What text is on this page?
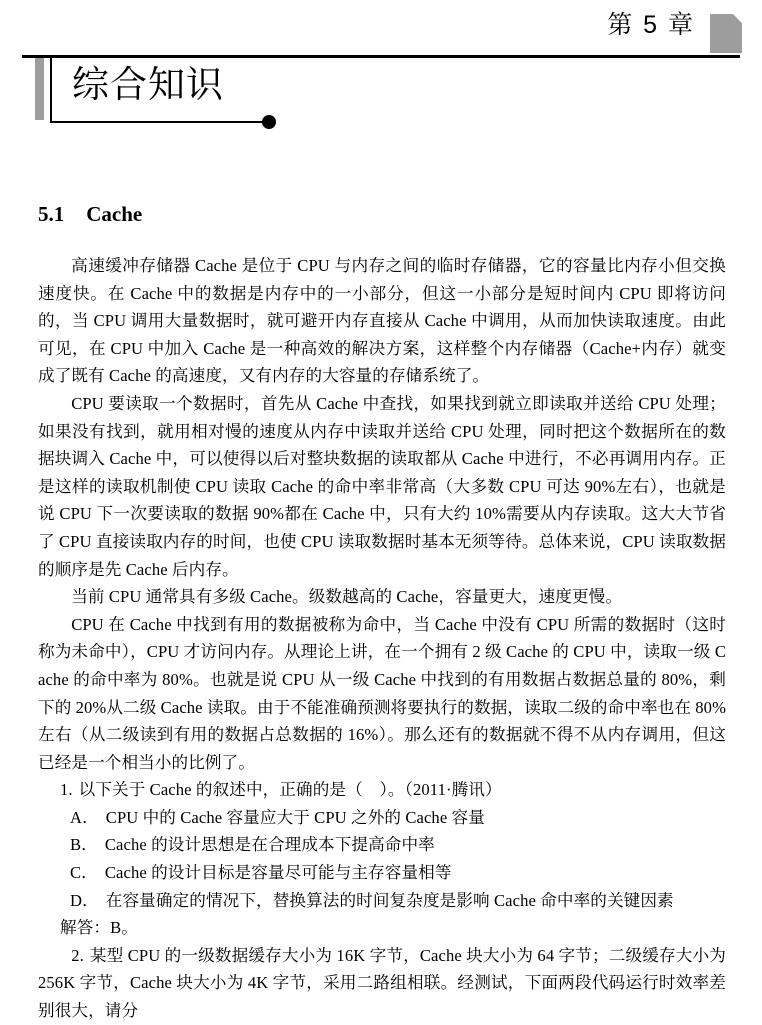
第 5 章
综合知识
5.1 Cache

高速缓冲存储器 Cache 是位于 CPU 与内存之间的临时存储器，它的容量比内存小但交换速度快。在 Cache 中的数据是内存中的一小部分，但这一小部分是短时间内 CPU 即将访问的，当 CPU 调用大量数据时，就可避开内存直接从 Cache 中调用，从而加快读取速度。由此可见，在 CPU 中加入 Cache 是一种高效的解决方案，这样整个内存储器（Cache+内存）就变成了既有 Cache 的高速度，又有内存的大容量的存储系统了。

CPU 要读取一个数据时，首先从 Cache 中查找，如果找到就立即读取并送给 CPU 处理；如果没有找到，就用相对慢的速度从内存中读取并送给 CPU 处理，同时把这个数据所在的数据块调入 Cache 中，可以使得以后对整块数据的读取都从 Cache 中进行，不必再调用内存。正是这样的读取机制使 CPU 读取 Cache 的命中率非常高（大多数 CPU 可达 90%左右），也就是说 CPU 下一次要读取的数据 90%都在 Cache 中，只有大约 10%需要从内存读取。这大大节省了 CPU 直接读取内存的时间，也使 CPU 读取数据时基本无须等待。总体来说，CPU 读取数据的顺序是先 Cache 后内存。

当前 CPU 通常具有多级 Cache。级数越高的 Cache，容量更大，速度更慢。

CPU 在 Cache 中找到有用的数据被称为命中，当 Cache 中没有 CPU 所需的数据时（这时称为未命中），CPU 才访问内存。从理论上讲，在一个拥有 2 级 Cache 的 CPU 中，读取一级 Cache 的命中率为 80%。也就是说 CPU 从一级 Cache 中找到的有用数据占数据总量的 80%，剩下的 20%从二级 Cache 读取。由于不能准确预测将要执行的数据，读取二级的命中率也在 80%左右（从二级读到有用的数据占总数据的 16%）。那么还有的数据就不得不从内存调用，但这已经是一个相当小的比例了。

1. 以下关于 Cache 的叙述中，正确的是（　）。（2011·腾讯）
A． CPU 中的 Cache 容量应大于 CPU 之外的 Cache 容量
B． Cache 的设计思想是在合理成本下提高命中率
C． Cache 的设计目标是容量尽可能与主存容量相等
D． 在容量确定的情况下，替换算法的时间复杂度是影响 Cache 命中率的关键因素
解答：B。
2. 某型 CPU 的一级数据缓存大小为 16K 字节，Cache 块大小为 64 字节；二级缓存大小为 256K 字节，Cache 块大小为 4K 字节，采用二路组相联。经测试，下面两段代码运行时效率差别很大，请分
